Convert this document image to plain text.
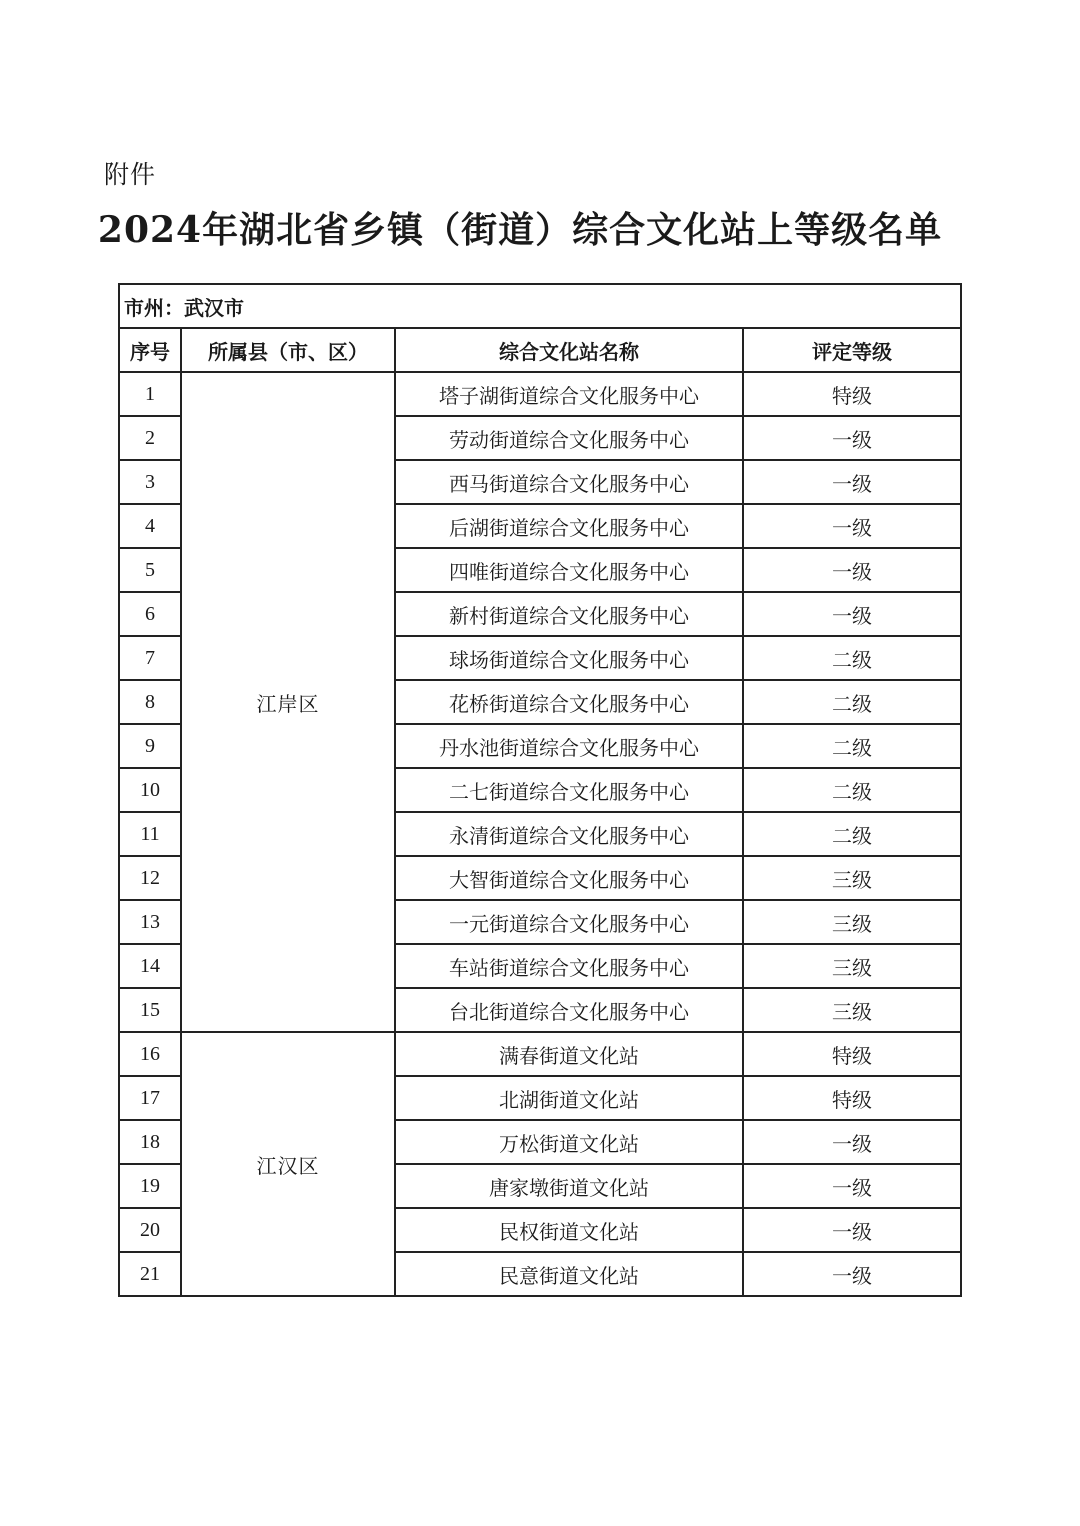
附件
2024年湖北省乡镇（街道）综合文化站上等级名单
市州：武汉市			
序号	所属县（市、区）	综合文化站名称	评定等级
1	江岸区	塔子湖街道综合文化服务中心	特级
2		劳动街道综合文化服务中心	一级
3		西马街道综合文化服务中心	一级
4		后湖街道综合文化服务中心	一级
5		四唯街道综合文化服务中心	一级
6		新村街道综合文化服务中心	一级
7		球场街道综合文化服务中心	二级
8		花桥街道综合文化服务中心	二级
9		丹水池街道综合文化服务中心	二级
10		二七街道综合文化服务中心	二级
11		永清街道综合文化服务中心	二级
12		大智街道综合文化服务中心	三级
13		一元街道综合文化服务中心	三级
14		车站街道综合文化服务中心	三级
15		台北街道综合文化服务中心	三级
16	江汉区	满春街道文化站	特级
17		北湖街道文化站	特级
18		万松街道文化站	一级
19		唐家墩街道文化站	一级
20		民权街道文化站	一级
21		民意街道文化站	一级
